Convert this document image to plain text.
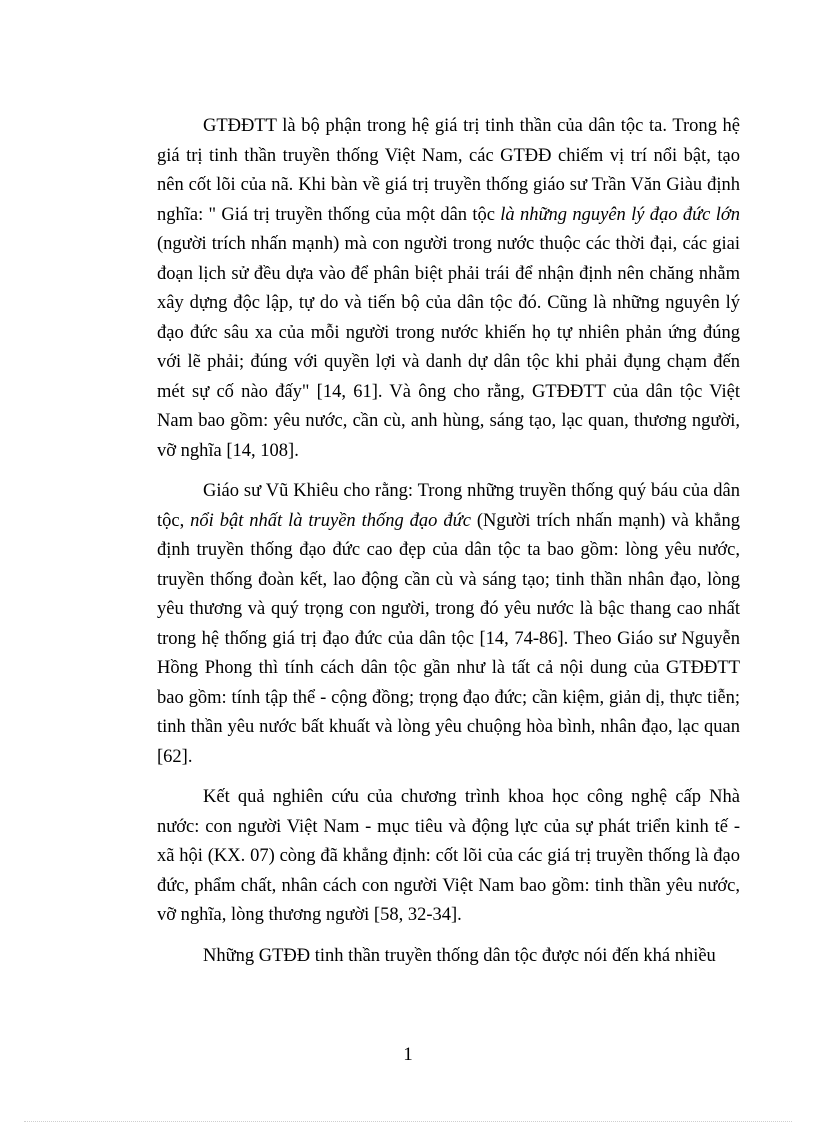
GTĐĐTT là bộ phận trong hệ giá trị tinh thần của dân tộc ta. Trong hệ giá trị tinh thần truyền thống Việt Nam, các GTĐĐ chiếm vị trí nổi bật, tạo nên cốt lõi của nã. Khi bàn về giá trị truyền thống giáo sư Trần Văn Giàu định nghĩa: " Giá trị truyền thống của một dân tộc là những nguyên lý đạo đức lớn (người trích nhấn mạnh) mà con người trong nước thuộc các thời đại, các giai đoạn lịch sử đều dựa vào để phân biệt phải trái để nhận định nên chăng nhằm xây dựng độc lập, tự do và tiến bộ của dân tộc đó. Cũng là những nguyên lý đạo đức sâu xa của mỗi người trong nước khiến họ tự nhiên phản ứng đúng với lẽ phải; đúng với quyền lợi và danh dự dân tộc khi phải đụng chạm đến mét sự cố nào đấy" [14, 61]. Và ông cho rằng, GTĐĐTT của dân tộc Việt Nam bao gồm: yêu nước, cần cù, anh hùng, sáng tạo, lạc quan, thương người, vỡ nghĩa [14, 108].

Giáo sư Vũ Khiêu cho rằng: Trong những truyền thống quý báu của dân tộc, nổi bật nhất là truyền thống đạo đức (Người trích nhấn mạnh) và khẳng định truyền thống đạo đức cao đẹp của dân tộc ta bao gồm: lòng yêu nước, truyền thống đoàn kết, lao động cần cù và sáng tạo; tinh thần nhân đạo, lòng yêu thương và quý trọng con người, trong đó yêu nước là bậc thang cao nhất trong hệ thống giá trị đạo đức của dân tộc [14, 74-86]. Theo Giáo sư Nguyễn Hồng Phong thì tính cách dân tộc gần như là tất cả nội dung của GTĐĐTT bao gồm: tính tập thể - cộng đồng; trọng đạo đức; cần kiệm, giản dị, thực tiễn; tinh thần yêu nước bất khuất và lòng yêu chuộng hòa bình, nhân đạo, lạc quan [62].

Kết quả nghiên cứu của chương trình khoa học công nghệ cấp Nhà nước: con người Việt Nam - mục tiêu và động lực của sự phát triển kinh tế - xã hội (KX. 07) còng đã khẳng định: cốt lõi của các giá trị truyền thống là đạo đức, phẩm chất, nhân cách con người Việt Nam bao gồm: tinh thần yêu nước, vỡ nghĩa, lòng thương người [58, 32-34].

Những GTĐĐ tinh thần truyền thống dân tộc được nói đến khá nhiều

1
